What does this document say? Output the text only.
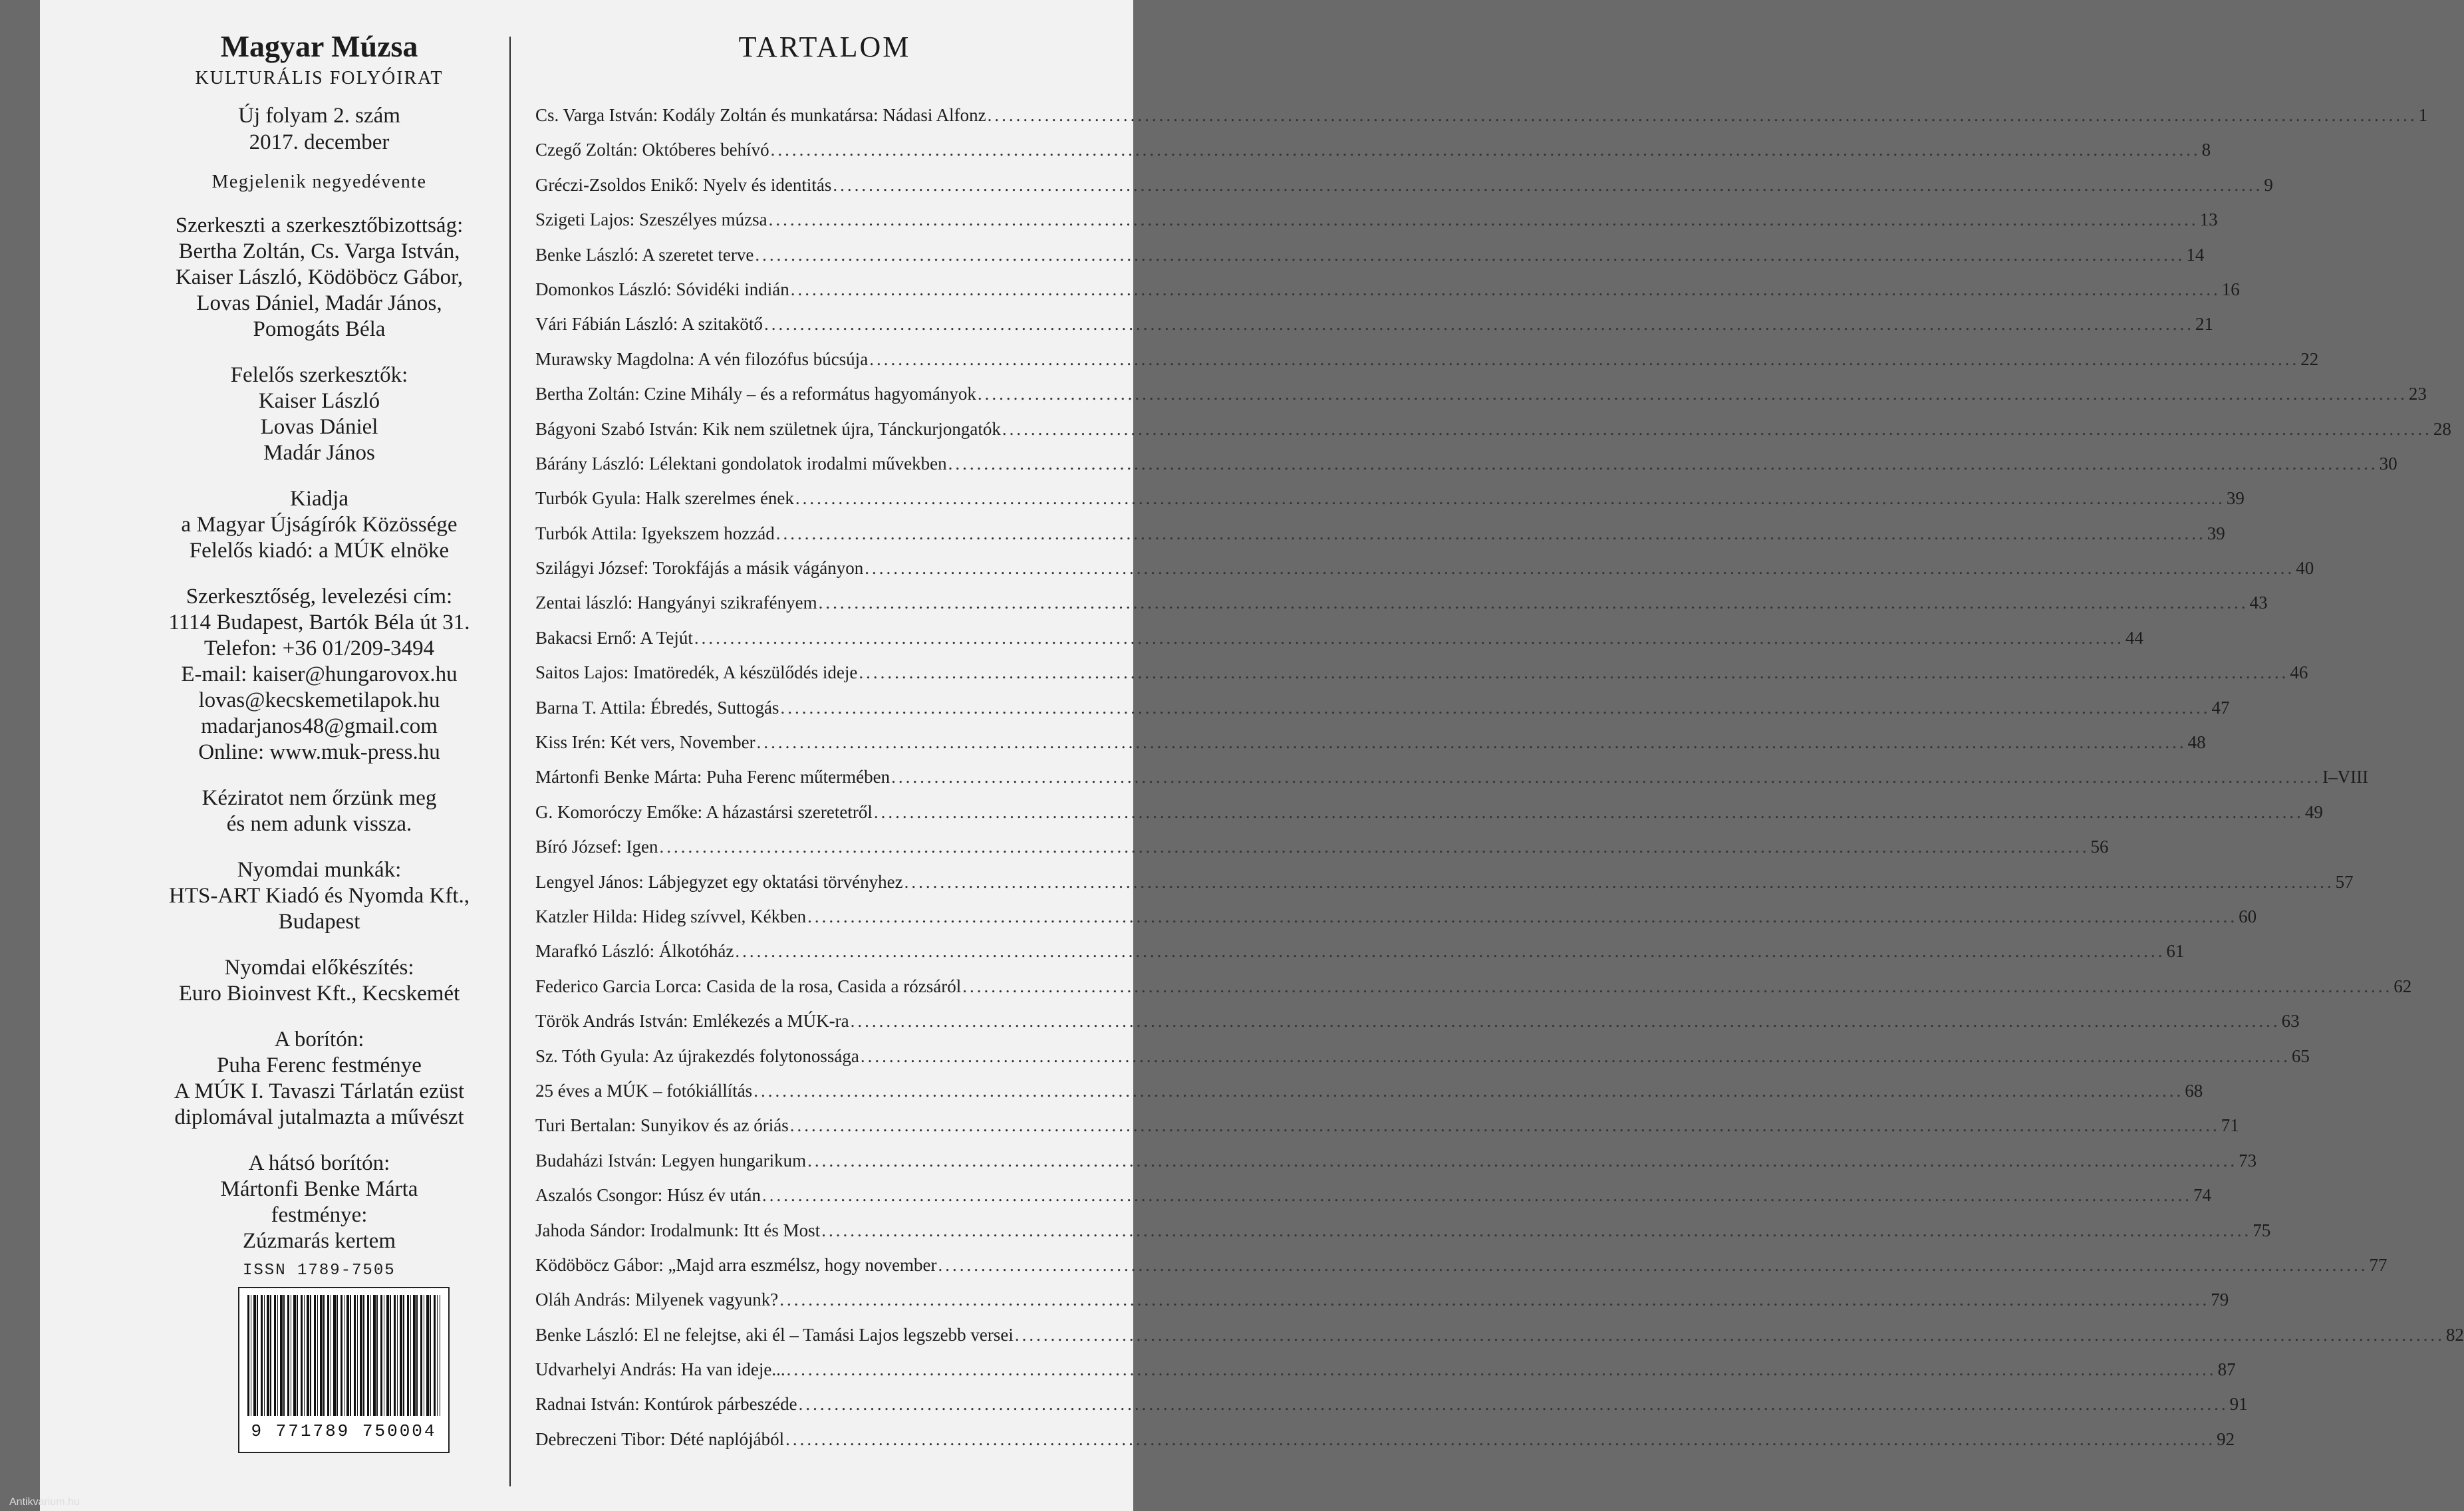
Magyar Múzsa
KULTURÁLIS FOLYÓIRAT
Új folyam 2. szám
2017. december
Megjelenik negyedévente
Szerkeszti a szerkesztőbizottság:
Bertha Zoltán, Cs. Varga István,
Kaiser László, Ködöböcz Gábor,
Lovas Dániel, Madár János,
Pomogáts Béla
Felelős szerkesztők:
Kaiser László
Lovas Dániel
Madár János
Kiadja
a Magyar Újságírók Közössége
Felelős kiadó: a MÚK elnöke
Szerkesztőség, levelezési cím:
1114 Budapest, Bartók Béla út 31.
Telefon: +36 01/209-3494
E-mail: kaiser@hungarovox.hu
lovas@kecskemetilapok.hu
madarjanos48@gmail.com
Online: www.muk-press.hu
Kéziratot nem őrzünk meg
és nem adunk vissza.
Nyomdai munkák:
HTS-ART Kiadó és Nyomda Kft.,
Budapest
Nyomdai előkészítés:
Euro Bioinvest Kft., Kecskemét
A borítón:
Puha Ferenc festménye
A MÚK I. Tavaszi Tárlatán ezüst
diplomával jutalmazta a művészt
A hátsó borítón:
Mártonfi Benke Márta
festménye:
Zúzmarás kertem
ISSN 1789-7505
9 771789 750004
TARTALOM
Cs. Varga István: Kodály Zoltán és munkatársa: Nádasi Alfonz ........................................................................................................................................................................................................ 1
Czegő Zoltán: Októberes behívó ........................................................................................................................................................................................................ 8
Gréczi-Zsoldos Enikő: Nyelv és identitás ........................................................................................................................................................................................................ 9
Szigeti Lajos: Szeszélyes múzsa ........................................................................................................................................................................................................ 13
Benke László: A szeretet terve ........................................................................................................................................................................................................ 14
Domonkos László: Sóvidéki indián ........................................................................................................................................................................................................ 16
Vári Fábián László: A szitakötő ........................................................................................................................................................................................................ 21
Murawsky Magdolna: A vén filozófus búcsúja ........................................................................................................................................................................................................ 22
Bertha Zoltán: Czine Mihály – és a református hagyományok ........................................................................................................................................................................................................ 23
Bágyoni Szabó István: Kik nem születnek újra, Tánckurjongatók ........................................................................................................................................................................................................ 28
Bárány László: Lélektani gondolatok irodalmi művekben ........................................................................................................................................................................................................ 30
Turbók Gyula: Halk szerelmes ének ........................................................................................................................................................................................................ 39
Turbók Attila: Igyekszem hozzád ........................................................................................................................................................................................................ 39
Szilágyi József: Torokfájás a másik vágányon ........................................................................................................................................................................................................ 40
Zentai lászló: Hangyányi szikrafényem ........................................................................................................................................................................................................ 43
Bakacsi Ernő: A Tejút ........................................................................................................................................................................................................ 44
Saitos Lajos: Imatöredék, A készülődés ideje ........................................................................................................................................................................................................ 46
Barna T. Attila: Ébredés, Suttogás ........................................................................................................................................................................................................ 47
Kiss Irén: Két vers, November ........................................................................................................................................................................................................ 48
Mártonfi Benke Márta: Puha Ferenc műtermében ........................................................................................................................................................................................................ I–VIII
G. Komoróczy Emőke: A házastársi szeretetről ........................................................................................................................................................................................................ 49
Bíró József: Igen ........................................................................................................................................................................................................ 56
Lengyel János: Lábjegyzet egy oktatási törvényhez ........................................................................................................................................................................................................ 57
Katzler Hilda: Hideg szívvel, Kékben ........................................................................................................................................................................................................ 60
Marafkó László: Álkotóház ........................................................................................................................................................................................................ 61
Federico Garcia Lorca: Casida de la rosa, Casida a rózsáról ........................................................................................................................................................................................................ 62
Török András István: Emlékezés a MÚK-ra ........................................................................................................................................................................................................ 63
Sz. Tóth Gyula: Az újrakezdés folytonossága ........................................................................................................................................................................................................ 65
25 éves a MÚK – fotókiállítás ........................................................................................................................................................................................................ 68
Turi Bertalan: Sunyikov és az óriás ........................................................................................................................................................................................................ 71
Budaházi István: Legyen hungarikum ........................................................................................................................................................................................................ 73
Aszalós Csongor: Húsz év után ........................................................................................................................................................................................................ 74
Jahoda Sándor: Irodalmunk: Itt és Most ........................................................................................................................................................................................................ 75
Ködöböcz Gábor: „Majd arra eszmélsz, hogy november ........................................................................................................................................................................................................ 77
Oláh András: Milyenek vagyunk? ........................................................................................................................................................................................................ 79
Benke László: El ne felejtse, aki él – Tamási Lajos legszebb versei ........................................................................................................................................................................................................ 82
Udvarhelyi András: Ha van ideje... ........................................................................................................................................................................................................ 87
Radnai István: Kontúrok párbeszéde ........................................................................................................................................................................................................ 91
Debreczeni Tibor: Dété naplójából ........................................................................................................................................................................................................ 92
Antikvarium.hu
